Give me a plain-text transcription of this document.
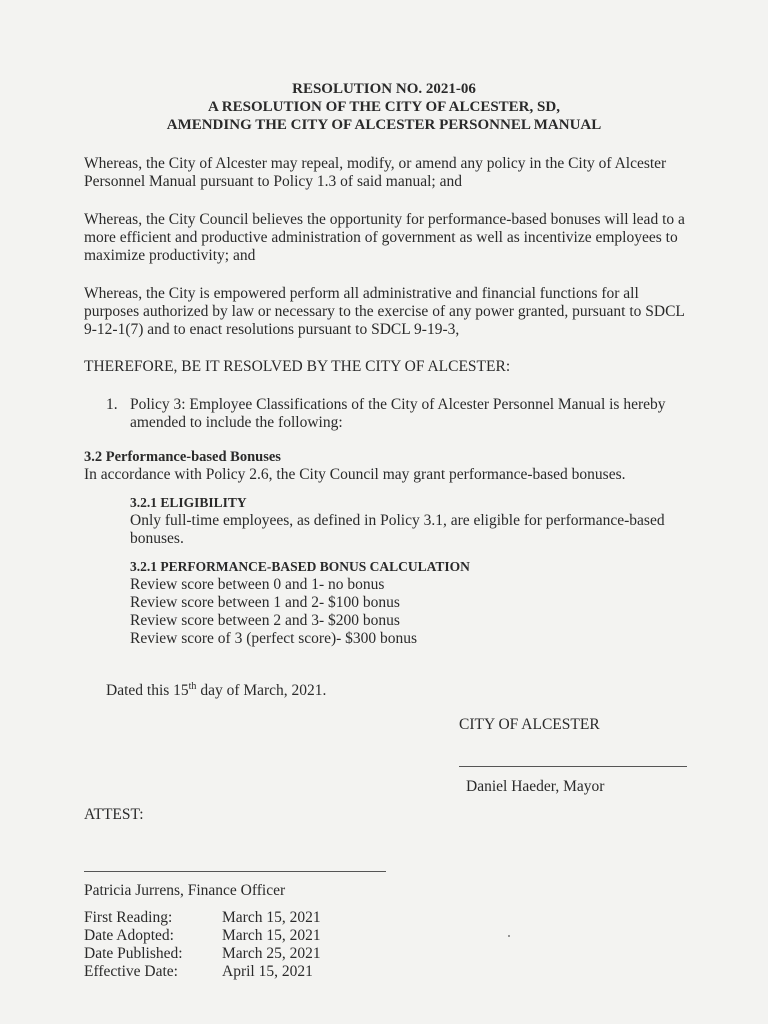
RESOLUTION NO. 2021-06
A RESOLUTION OF THE CITY OF ALCESTER, SD,
AMENDING THE CITY OF ALCESTER PERSONNEL MANUAL
Whereas, the City of Alcester may repeal, modify, or amend any policy in the City of Alcester
Personnel Manual pursuant to Policy 1.3 of said manual; and
Whereas, the City Council believes the opportunity for performance-based bonuses will lead to a
more efficient and productive administration of government as well as incentivize employees to
maximize productivity; and
Whereas, the City is empowered perform all administrative and financial functions for all
purposes authorized by law or necessary to the exercise of any power granted, pursuant to SDCL
9-12-1(7) and to enact resolutions pursuant to SDCL 9-19-3,
THEREFORE, BE IT RESOLVED BY THE CITY OF ALCESTER:
1. Policy 3: Employee Classifications of the City of Alcester Personnel Manual is hereby
amended to include the following:
3.2 Performance-based Bonuses
In accordance with Policy 2.6, the City Council may grant performance-based bonuses.
3.2.1 ELIGIBILITY
Only full-time employees, as defined in Policy 3.1, are eligible for performance-based
bonuses.
3.2.1 PERFORMANCE-BASED BONUS CALCULATION
Review score between 0 and 1- no bonus
Review score between 1 and 2- $100 bonus
Review score between 2 and 3- $200 bonus
Review score of 3 (perfect score)- $300 bonus
Dated this 15th day of March, 2021.
CITY OF ALCESTER
Daniel Haeder, Mayor
ATTEST:
Patricia Jurrens, Finance Officer
First Reading:	March 15, 2021
Date Adopted:	March 15, 2021
Date Published:	March 25, 2021
Effective Date:	April 15, 2021
